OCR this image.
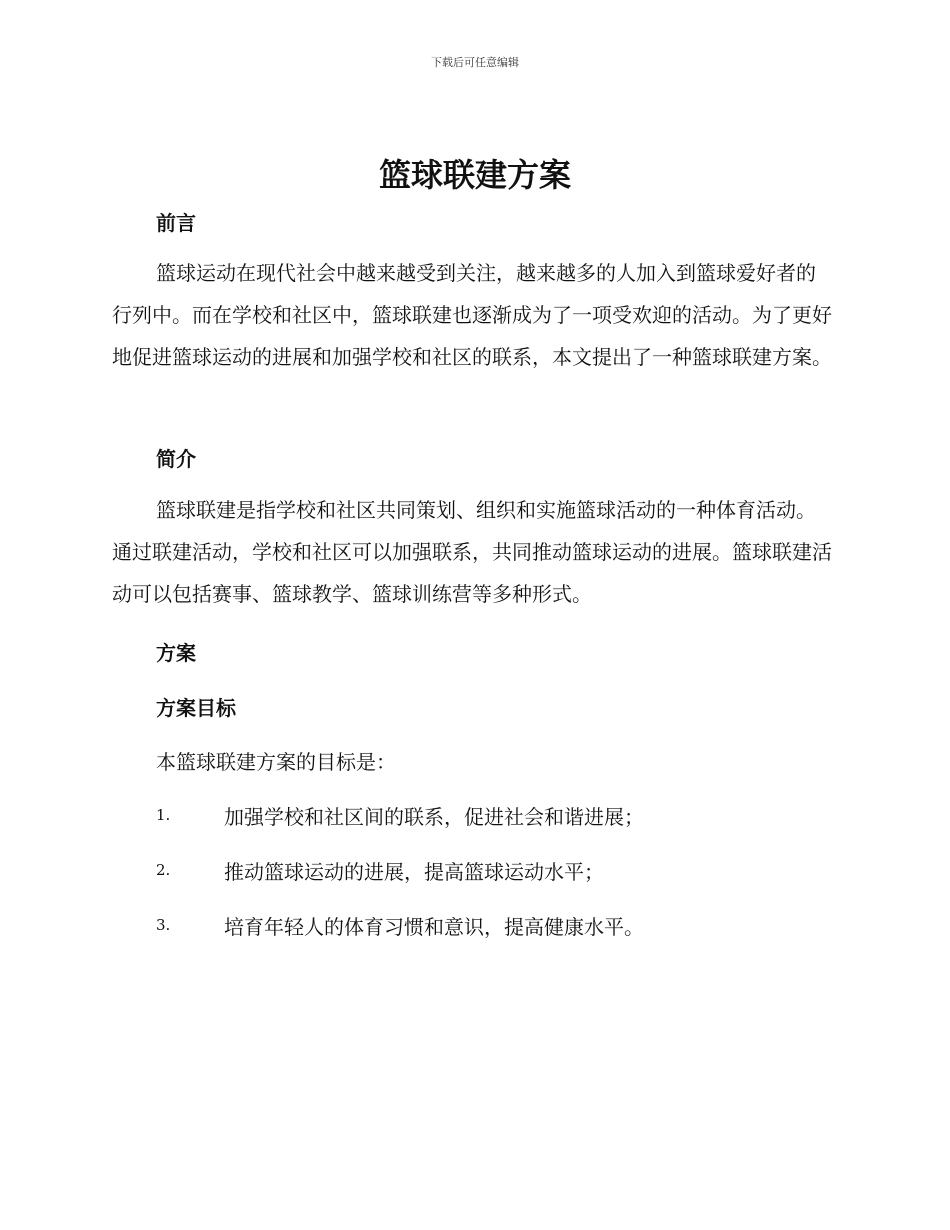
下载后可任意编辑
篮球联建方案
前言

篮球运动在现代社会中越来越受到关注，越来越多的人加入到篮球爱好者的行列中。而在学校和社区中，篮球联建也逐渐成为了一项受欢迎的活动。为了更好地促进篮球运动的进展和加强学校和社区的联系，本文提出了一种篮球联建方案。

简介

篮球联建是指学校和社区共同策划、组织和实施篮球活动的一种体育活动。通过联建活动，学校和社区可以加强联系，共同推动篮球运动的进展。篮球联建活动可以包括赛事、篮球教学、篮球训练营等多种形式。

方案
方案目标

本篮球联建方案的目标是：

1.	加强学校和社区间的联系，促进社会和谐进展；
2.	推动篮球运动的进展，提高篮球运动水平；
3.	培育年轻人的体育习惯和意识，提高健康水平。
